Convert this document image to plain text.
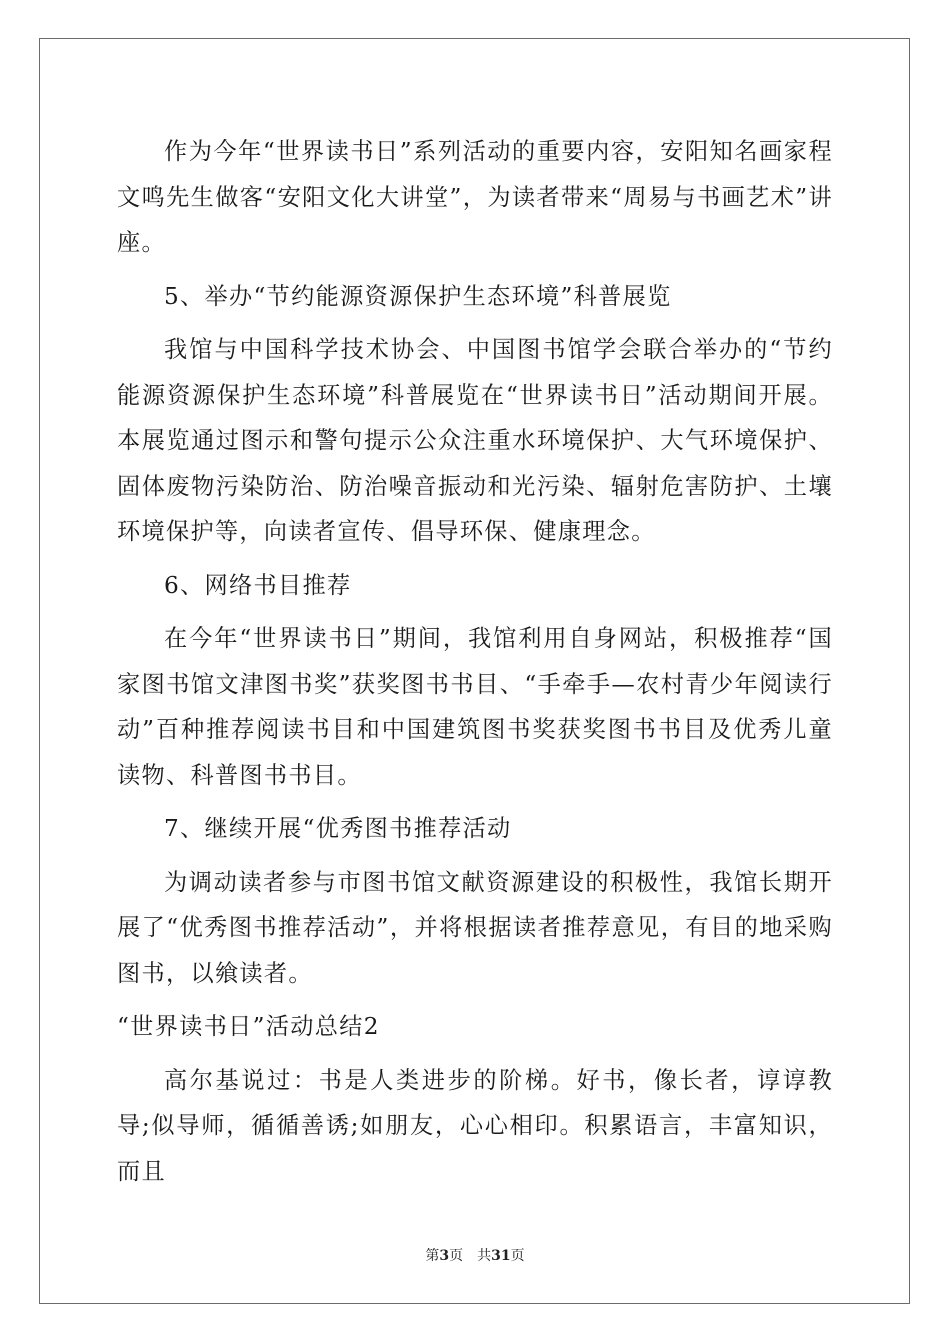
作为今年“世界读书日”系列活动的重要内容，安阳知名画家程文鸣先生做客“安阳文化大讲堂”，为读者带来“周易与书画艺术”讲座。

5、举办“节约能源资源保护生态环境”科普展览

我馆与中国科学技术协会、中国图书馆学会联合举办的“节约能源资源保护生态环境”科普展览在“世界读书日”活动期间开展。本展览通过图示和警句提示公众注重水环境保护、大气环境保护、固体废物污染防治、防治噪音振动和光污染、辐射危害防护、土壤环境保护等，向读者宣传、倡导环保、健康理念。

6、网络书目推荐

在今年“世界读书日”期间，我馆利用自身网站，积极推荐“国家图书馆文津图书奖”获奖图书书目、“手牵手—农村青少年阅读行动”百种推荐阅读书目和中国建筑图书奖获奖图书书目及优秀儿童读物、科普图书书目。

7、继续开展“优秀图书推荐活动

为调动读者参与市图书馆文献资源建设的积极性，我馆长期开展了“优秀图书推荐活动”，并将根据读者推荐意见，有目的地采购图书，以飨读者。

“世界读书日”活动总结2

高尔基说过：书是人类进步的阶梯。好书，像长者，谆谆教导;似导师，循循善诱;如朋友，心心相印。积累语言，丰富知识，而且

第3页 共31页
